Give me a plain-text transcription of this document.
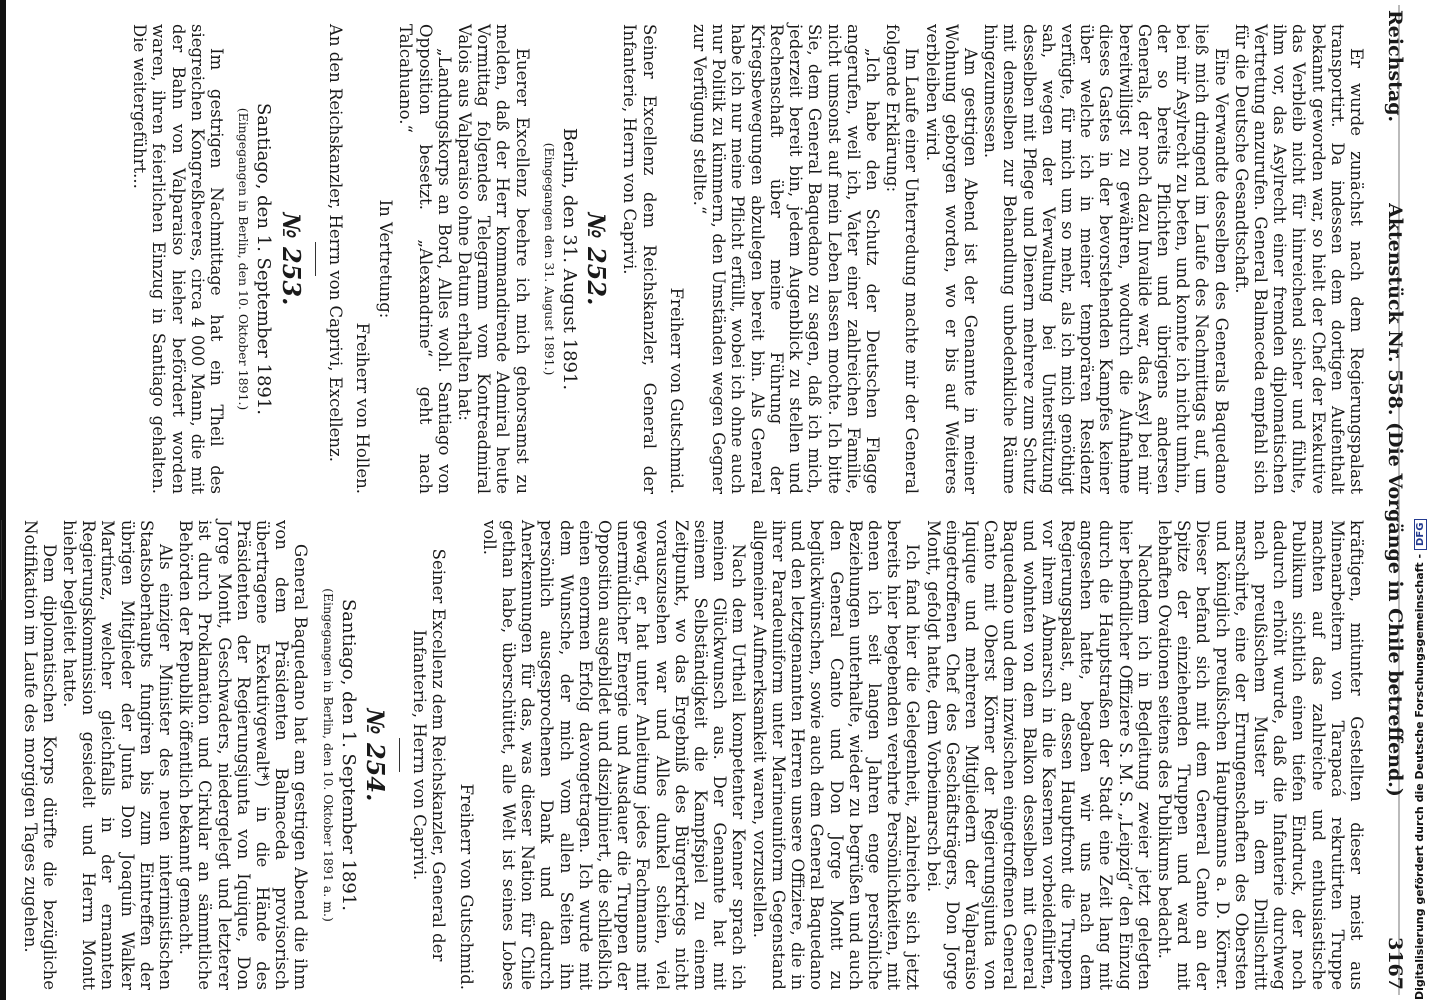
Reichstag.
Aktenstück Nr. 558. (Die Vorgänge in Chile betreffend.)
3167

Er wurde zunächst nach dem Regierungspalast transportirt. Da indessen dem dortigen Aufenthalt bekannt geworden war, so hielt der Chef der Exekutive das Verbleib nicht für hinreichend sicher und fühlte, ihm vor, das Asylrecht einer fremden diplomatischen Vertretung anzurufen. General Balmaceda empfahl sich für die Deutsche Gesandtschaft.

Eine Verwandte desselben des Generals Baquedano ließ mich dringend im Laufe des Nachmittags auf, um bei mir Asylrecht zu beten, und konnte ich nicht umhin, der so bereits Pflichten und übrigens andersen Generals, der noch dazu Invalide war, das Asyl bei mir bereitwilligst zu gewähren, wodurch die Aufnahme dieses Gastes in der bevorstehenden Kampfes keiner über welche ich in meiner temporären Residenz verfügte, für mich um so mehr, als ich mich genöthigt sah, wegen der Verwaltung bei Unterstützung desselben mit Pflege und Dienern mehrere zum Schutz mit demselben zur Behandlung unbedenkliche Räume hingezumessen.

Am gestrigen Abend ist der Genannte in meiner Wohnung geborgen worden, wo er bis auf Weiteres verbleiben wird.

Im Laufe einer Unterredung machte mir der General folgende Erklärung:

„Ich habe den Schutz der Deutschen Flagge angerufen, weil ich, Vater einer zahlreichen Familie, nicht umsonst auf mein Leben lassen mochte. Ich bitte Sie, dem General Baquedano zu sagen, daß ich mich, jederzeit bereit bin, jedem Augenblick zu stellen und Rechenschaft über meine Führung der Kriegsbewegungen abzulegen bereit bin. Als General habe ich nur meine Pflicht erfüllt, wobei ich ohne auch nur Politik zu kümmern, den Umständen wegen Gegner zur Verfügung stellte.“

Freiherr von Gutschmid.

Seiner Excellenz dem Reichskanzler, General der Infanterie, Herrn von Caprivi.

№ 252.

Berlin, den 31. August 1891.

(Eingegangen den 31. August 1891.)

Euerer Excellenz beehre ich mich gehorsamst zu melden, daß der Herr kommandirende Admiral heute Vormittag folgendes Telegramm vom Kontreadmiral Valois aus Valparaiso ohne Datum erhalten hat:

„Landungskorps an Bord, Alles wohl. Santiago von Opposition besetzt. „Alexandrine“ geht nach Talcahuano.“

In Vertretung:

Freiherr von Hollen.

An den Reichskanzler, Herrn von Caprivi, Excellenz.

№ 253.

Santiago, den 1. September 1891.

(Eingegangen in Berlin, den 10. Oktober 1891.)

Im gestrigen Nachmittage hat ein Theil des siegreichen Kongreßheeres, circa 4 000 Mann, die mit der Bahn von Valparaiso hieher befördert worden waren, ihren feierlichen Einzug in Santiago gehalten. Die weitergeführt...

kräftigen, mitunter Gestellten dieser meist aus Minenarbeitern von Tarapacá rekrutirten Truppe machten auf das zahlreiche und enthusiastische Publikum sichtlich einen tiefen Eindruck, der noch dadurch erhöht wurde, daß die Infanterie durchweg nach preußischem Muster in dem Drillschritt marschirte, eine der Errungenschaften des Obersten und königlich preußischen Hauptmanns a. D. Körner. Dieser befand sich mit dem General Canto an der Spitze der einziehenden Truppen und ward mit lebhaften Ovationen seitens des Publikums bedacht.

Nachdem ich in Begleitung zweier jetzt gelegten hier befindlicher Offiziere S. M. S. „Leipzig“ den Einzug durch die Hauptstraßen der Stadt eine Zeit lang mit angesehen hatte, begaben wir uns nach dem Regierungspalast, an dessen Hauptfront die Truppen vor ihrem Abmarsch in die Kasernen vorbeidefilirten, und wohnten von dem Balkon desselben mit General Baquedano und dem inzwischen eingetroffenen General Canto mit Oberst Körner der Regierungsjunta von Iquique und mehreren Mitgliedern der Valparaiso eingetroffenen Chef des Geschäftsträgers, Don Jorge Montt, gefolgt hatte, dem Vorbeimarsch bei.

Ich fand hier die Gelegenheit, zahlreiche sich jetzt bereits hier begebenden verehrte Persönlichkeiten, mit denen ich seit langen Jahren enge persönliche Beziehungen unterhalte, wieder zu begrüßen und auch den General Canto und Don Jorge Montt zu beglückwünschen, sowie auch dem General Baquedano und den letztgenannten Herren unsere Offiziere, die in ihrer Paradeuniform unter Marineuniform Gegenstand allgemeiner Aufmerksamkeit waren, vorzustellen.

Nach dem Urtheil kompetenter Kenner sprach ich meinen Glückwunsch aus. Der Genannte hat mit seinem Selbständigkeit die Kampfspiel zu einem Zeitpunkt, wo das Ergebniß des Bürgerkriegs nicht vorauszusehen war und Alles dunkel schien, viel gewagt, er hat unter Anleitung jedes Fachmanns mit unermüdlicher Energie und Ausdauer die Truppen der Opposition ausgebildet und diszipliniert, die schließlich einen enormen Erfolg davongetragen. Ich wurde mit dem Wunsche, der mich vom allen Seiten ihn persönlich ausgesprochenen Dank und dadurch Anerkennungen für das, was dieser Nation für Chile gethan habe, überschüttet, alle Welt ist seines Lobes voll.

Freiherr von Gutschmid.

Seiner Excellenz dem Reichskanzler, General der Infanterie, Herrn von Caprivi.

№ 254.

Santiago, den 1. September 1891.

(Eingegangen in Berlin, den 10. Oktober 1891 a. m.)

General Baquedano hat am gestrigen Abend die ihm von dem Präsidenten Balmaceda provisorisch übertragene Exekutivgewalt*) in die Hände des Präsidenten der Regierungsjunta von Iquique, Don Jorge Montt, Geschwaders, niedergelegt und letzterer ist durch Proklamation und Cirkular an sämmtliche Behörden der Republik öffentlich bekannt gemacht.

Als einziger Minister des neuen interimistischen Staatsoberhaupts fungiren bis zum Eintreffen der übrigen Mitglieder der Junta Don Joaquín Walker Martínez, welcher gleichfalls in der ernannten Regierungskommission gesiedelt und Herrn Montt hieher begleitet hatte.

Dem diplomatischen Korps dürfte die bezügliche Notifikation im Laufe des morgigen Tages zugehen.	Digitalisierung gefördert durch die Deutsche Forschungsgemeinschaft -DFG
